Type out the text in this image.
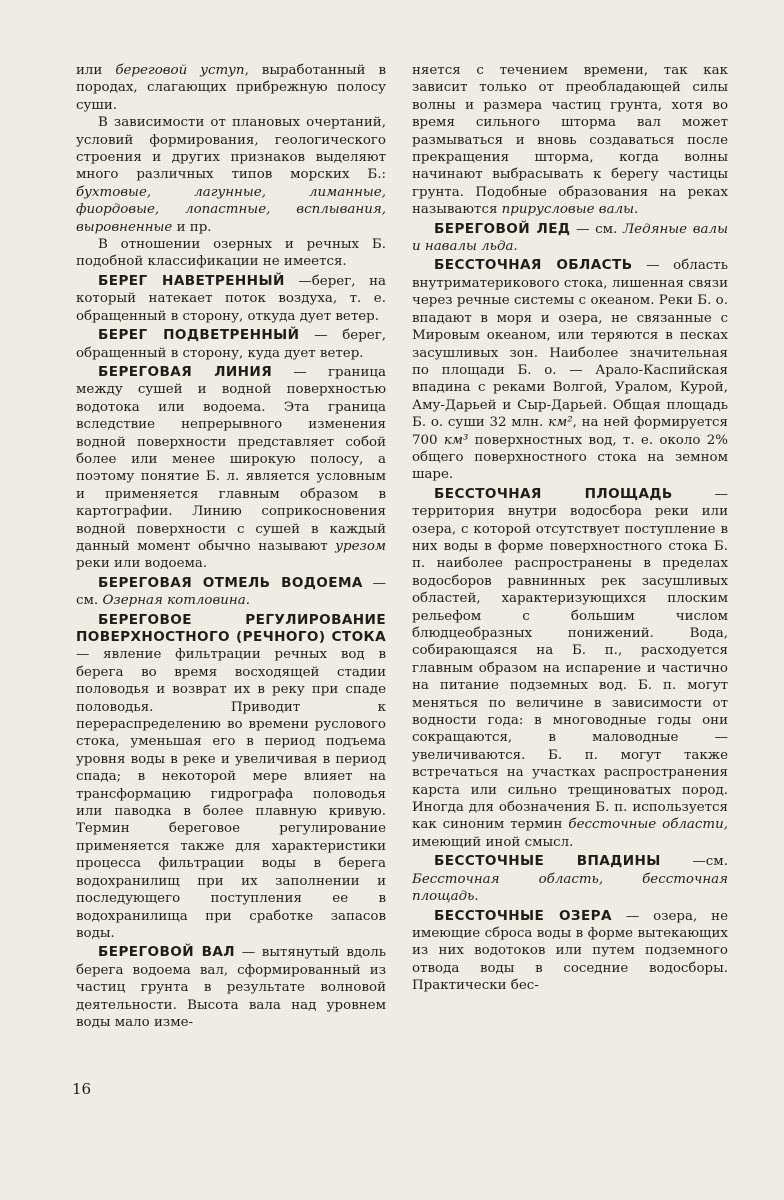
или береговой уступ, выработанный в породах, слагающих прибрежную полосу суши.

В зависимости от плановых очертаний, условий формирования, геологического строения и других признаков выделяют много различных типов морских Б.: бухтовые, лагунные, лиманные, фиордовые, лопастные, всплывания, выровненные и пр.

В отношении озерных и речных Б. подобной классификации не имеется.

БЕРЕГ НАВЕТРЕННЫЙ —берег, на который натекает поток воздуха, т. е. обращенный в сторону, откуда дует ветер.

БЕРЕГ ПОДВЕТРЕННЫЙ — берег, обращенный в сторону, куда дует ветер.

БЕРЕГОВАЯ ЛИНИЯ — граница между сушей и водной поверхностью водотока или водоема. Эта граница вследствие непрерывного изменения водной поверхности представляет собой более или менее широкую полосу, а поэтому понятие Б. л. является условным и применяется главным образом в картографии. Линию соприкосновения водной поверхности с сушей в каждый данный момент обычно называют урезом реки или водоема.

БЕРЕГОВАЯ ОТМЕЛЬ ВОДОЕМА — см. Озерная котловина.

БЕРЕГОВОЕ РЕГУЛИРОВАНИЕ ПОВЕРХНОСТНОГО (РЕЧНОГО) СТОКА — явление фильтрации речных вод в берега во время восходящей стадии половодья и возврат их в реку при спаде половодья. Приводит к перераспределению во времени руслового стока, уменьшая его в период подъема уровня воды в реке и увеличивая в период спада; в некоторой мере влияет на трансформацию гидрографа половодья или паводка в более плавную кривую. Термин береговое регулирование применяется также для характеристики процесса фильтрации воды в берега водохранилищ при их заполнении и последующего поступления ее в водохранилища при сработке запасов воды.

БЕРЕГОВОЙ ВАЛ — вытянутый вдоль берега водоема вал, сформированный из частиц грунта в результате волновой деятельности. Высота вала над уровнем воды мало изме-

няется с течением времени, так как зависит только от преобладающей силы волны и размера частиц грунта, хотя во время сильного шторма вал может размываться и вновь создаваться после прекращения шторма, когда волны начинают выбрасывать к берегу частицы грунта. Подобные образования на реках называются прирусловые валы.

БЕРЕГОВОЙ ЛЕД — см. Ледяные валы и навалы льда.

БЕССТОЧНАЯ ОБЛАСТЬ — область внутриматерикового стока, лишенная связи через речные системы с океаном. Реки Б. о. впадают в моря и озера, не связанные с Мировым океаном, или теряются в песках засушливых зон. Наиболее значительная по площади Б. о. — Арало-Каспийская впадина с реками Волгой, Уралом, Курой, Аму-Дарьей и Сыр-Дарьей. Общая площадь Б. о. суши 32 млн. км², на ней формируется 700 км³ поверхностных вод, т. е. около 2% общего поверхностного стока на земном шаре.

БЕССТОЧНАЯ ПЛОЩАДЬ — территория внутри водосбора реки или озера, с которой отсутствует поступление в них воды в форме поверхностного стока Б. п. наиболее распространены в пределах водосборов равнинных рек засушливых областей, характеризующихся плоским рельефом с большим числом блюдцеобразных понижений. Вода, собирающаяся на Б. п., расходуется главным образом на испарение и частично на питание подземных вод. Б. п. могут меняться по величине в зависимости от водности года: в многоводные годы они сокращаются, в маловодные — увеличиваются. Б. п. могут также встречаться на участках распространения карста или сильно трещиноватых пород. Иногда для обозначения Б. п. используется как синоним термин бессточные области, имеющий иной смысл.

БЕССТОЧНЫЕ ВПАДИНЫ —см. Бессточная область, бессточная площадь.

БЕССТОЧНЫЕ ОЗЕРА — озера, не имеющие сброса воды в форме вытекающих из них водотоков или путем подземного отвода воды в соседние водосборы. Практически бес-

16
